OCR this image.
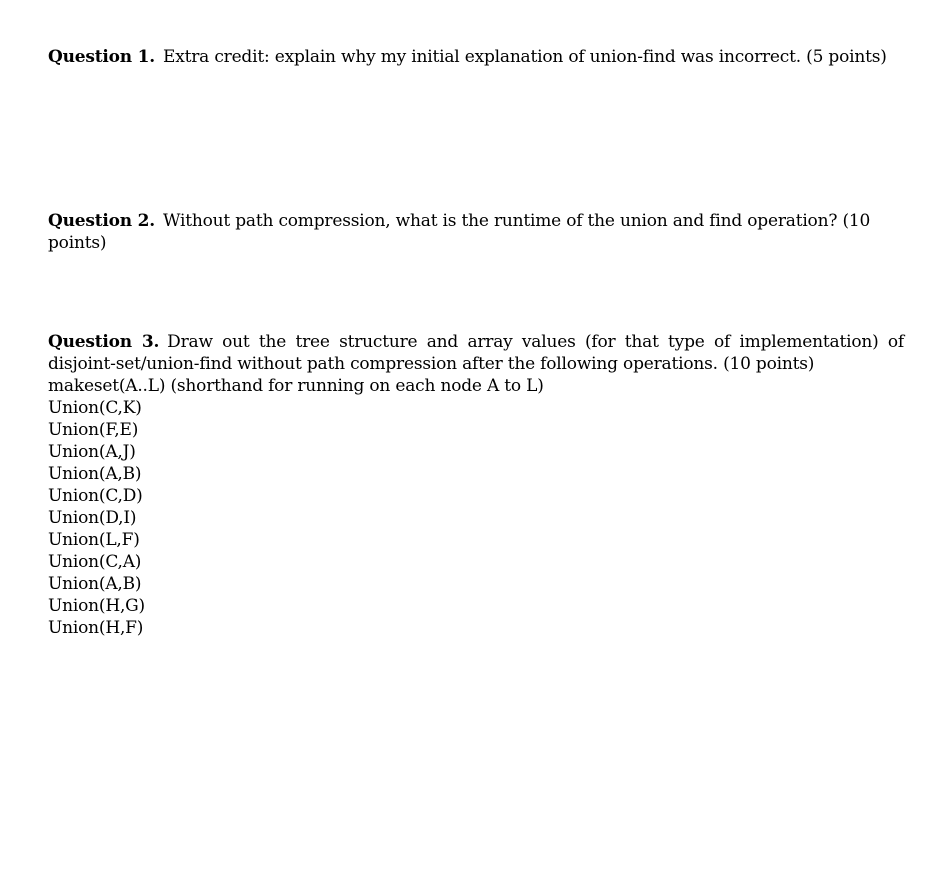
Question 1. Extra credit: explain why my initial explanation of union-find was incorrect. (5 points)
Question 2. Without path compression, what is the runtime of the union and find operation? (10 points)
Question 3. Draw out the tree structure and array values (for that type of implementation) of disjoint-set/union-find without path compression after the following operations. (10 points)
makeset(A..L) (shorthand for running on each node A to L)
Union(C,K)
Union(F,E)
Union(A,J)
Union(A,B)
Union(C,D)
Union(D,I)
Union(L,F)
Union(C,A)
Union(A,B)
Union(H,G)
Union(H,F)
